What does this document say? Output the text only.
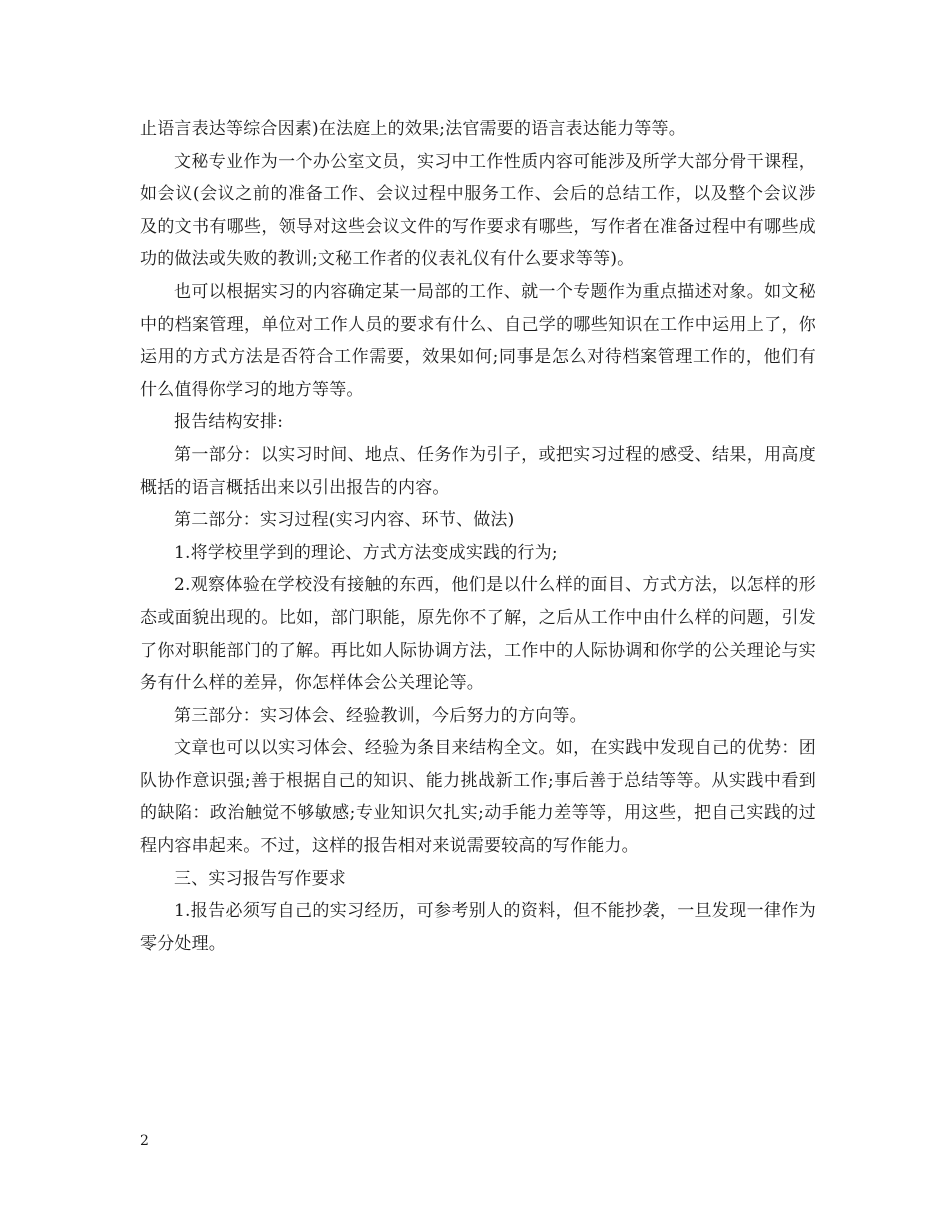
止语言表达等综合因素)在法庭上的效果;法官需要的语言表达能力等等。

文秘专业作为一个办公室文员，实习中工作性质内容可能涉及所学大部分骨干课程，如会议(会议之前的准备工作、会议过程中服务工作、会后的总结工作，以及整个会议涉及的文书有哪些，领导对这些会议文件的写作要求有哪些，写作者在准备过程中有哪些成功的做法或失败的教训;文秘工作者的仪表礼仪有什么要求等等)。

也可以根据实习的内容确定某一局部的工作、就一个专题作为重点描述对象。如文秘中的档案管理，单位对工作人员的要求有什么、自己学的哪些知识在工作中运用上了，你运用的方式方法是否符合工作需要，效果如何;同事是怎么对待档案管理工作的，他们有什么值得你学习的地方等等。

报告结构安排:

第一部分：以实习时间、地点、任务作为引子，或把实习过程的感受、结果，用高度概括的语言概括出来以引出报告的内容。

第二部分：实习过程(实习内容、环节、做法)

1.将学校里学到的理论、方式方法变成实践的行为;

2.观察体验在学校没有接触的东西，他们是以什么样的面目、方式方法，以怎样的形态或面貌出现的。比如，部门职能，原先你不了解，之后从工作中由什么样的问题，引发了你对职能部门的了解。再比如人际协调方法，工作中的人际协调和你学的公关理论与实务有什么样的差异，你怎样体会公关理论等。

第三部分：实习体会、经验教训，今后努力的方向等。

文章也可以以实习体会、经验为条目来结构全文。如，在实践中发现自己的优势：团队协作意识强;善于根据自己的知识、能力挑战新工作;事后善于总结等等。从实践中看到的缺陷：政治触觉不够敏感;专业知识欠扎实;动手能力差等等，用这些，把自己实践的过程内容串起来。不过，这样的报告相对来说需要较高的写作能力。

三、实习报告写作要求

1.报告必须写自己的实习经历，可参考别人的资料，但不能抄袭，一旦发现一律作为零分处理。

2
